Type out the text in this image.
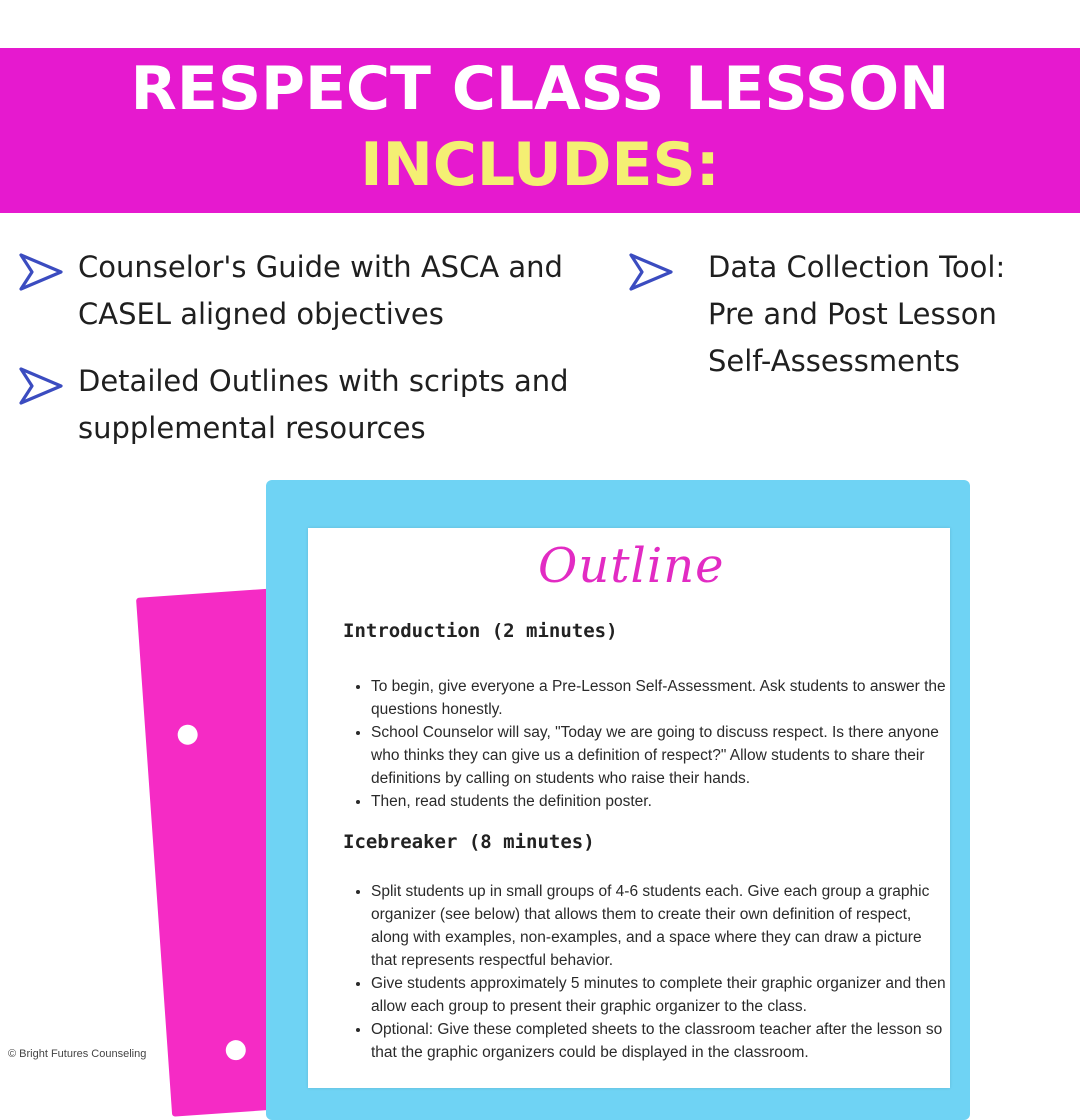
RESPECT CLASS LESSON
INCLUDES:
Counselor's Guide with ASCA and
CASEL aligned objectives
Detailed Outlines with scripts and
supplemental resources
Data Collection Tool:
Pre and Post Lesson
Self-Assessments
Outline
Introduction (2 minutes)
• To begin, give everyone a Pre-Lesson Self-Assessment. Ask students to answer the questions honestly.
• School Counselor will say, "Today we are going to discuss respect. Is there anyone who thinks they can give us a definition of respect?" Allow students to share their definitions by calling on students who raise their hands.
• Then, read students the definition poster.
Icebreaker (8 minutes)
• Split students up in small groups of 4-6 students each. Give each group a graphic organizer (see below) that allows them to create their own definition of respect, along with examples, non-examples, and a space where they can draw a picture that represents respectful behavior.
• Give students approximately 5 minutes to complete their graphic organizer and then allow each group to present their graphic organizer to the class.
• Optional: Give these completed sheets to the classroom teacher after the lesson so that the graphic organizers could be displayed in the classroom.
© Bright Futures Counseling
